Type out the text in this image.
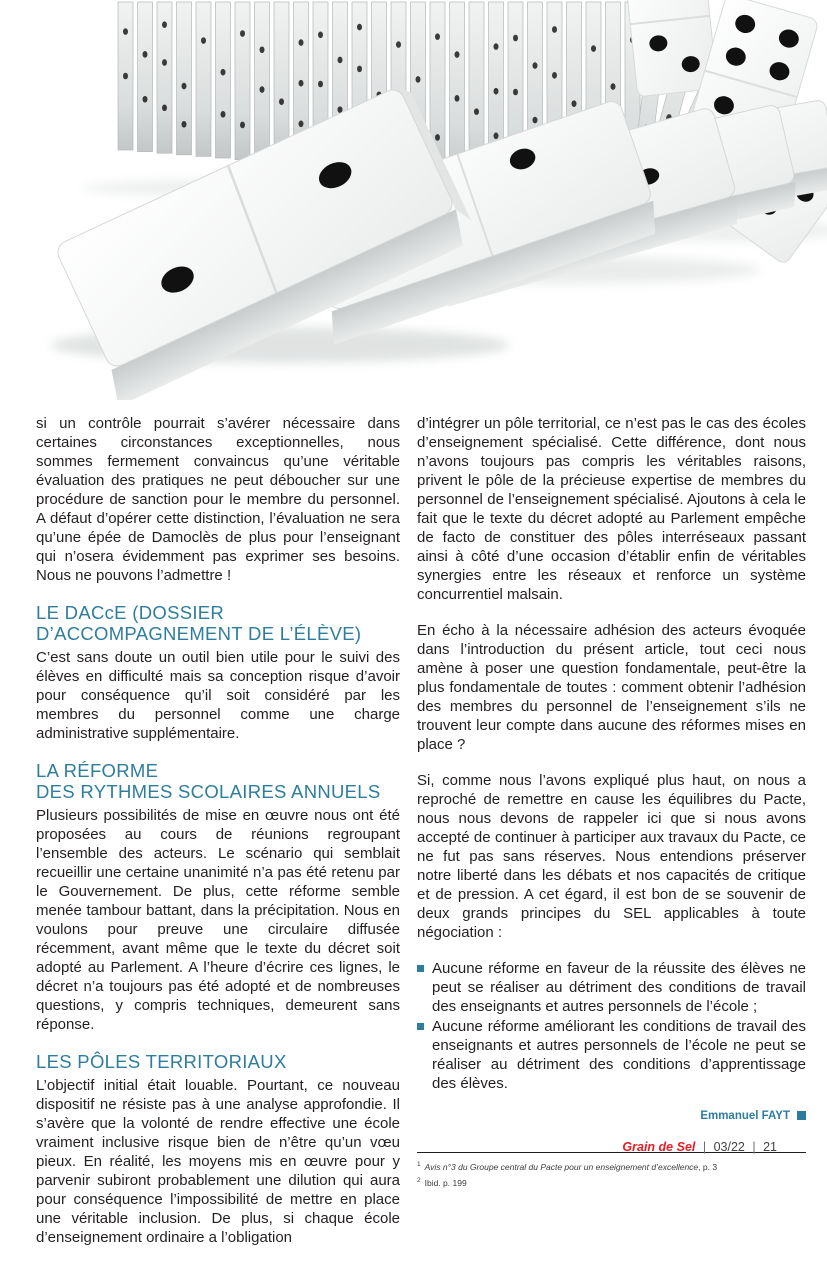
si un contrôle pourrait s’avérer nécessaire dans certaines circonstances exceptionnelles, nous sommes fermement convaincus qu’une véritable évaluation des pratiques ne peut déboucher sur une procédure de sanction pour le membre du personnel. A défaut d’opérer cette distinction, l’évaluation ne sera qu’une épée de Damoclès de plus pour l’enseignant qui n’osera évidemment pas exprimer ses besoins. Nous ne pouvons l’admettre !

LE DACcE (DOSSIER D’ACCOMPAGNEMENT DE L’ÉLÈVE)

C’est sans doute un outil bien utile pour le suivi des élèves en difficulté mais sa conception risque d’avoir pour conséquence qu’il soit considéré par les membres du personnel comme une charge administrative supplémentaire.

LA RÉFORME
DES RYTHMES SCOLAIRES ANNUELS

Plusieurs possibilités de mise en œuvre nous ont été proposées au cours de réunions regroupant l’ensemble des acteurs. Le scénario qui semblait recueillir une certaine unanimité n’a pas été retenu par le Gouvernement. De plus, cette réforme semble menée tambour battant, dans la précipitation. Nous en voulons pour preuve une circulaire diffusée récemment, avant même que le texte du décret soit adopté au Parlement. A l’heure d’écrire ces lignes, le décret n’a toujours pas été adopté et de nombreuses questions, y compris techniques, demeurent sans réponse.

LES PÔLES TERRITORIAUX

L’objectif initial était louable. Pourtant, ce nouveau dispositif ne résiste pas à une analyse approfondie. Il s’avère que la volonté de rendre effective une école vraiment inclusive risque bien de n’être qu’un vœu pieux. En réalité, les moyens mis en œuvre pour y parvenir subiront probablement une dilution qui aura pour conséquence l’impossibilité de mettre en place une véritable inclusion. De plus, si chaque école d’enseignement ordinaire a l’obligation

d’intégrer un pôle territorial, ce n’est pas le cas des écoles d’enseignement spécialisé. Cette différence, dont nous n’avons toujours pas compris les véritables raisons, privent le pôle de la précieuse expertise de membres du personnel de l’enseignement spécialisé. Ajoutons à cela le fait que le texte du décret adopté au Parlement empêche de facto de constituer des pôles interréseaux passant ainsi à côté d’une occasion d’établir enfin de véritables synergies entre les réseaux et renforce un système concurrentiel malsain.

En écho à la nécessaire adhésion des acteurs évoquée dans l’introduction du présent article, tout ceci nous amène à poser une question fondamentale, peut-être la plus fondamentale de toutes : comment obtenir l’adhésion des membres du personnel de l’enseignement s’ils ne trouvent leur compte dans aucune des réformes mises en place ?

Si, comme nous l’avons expliqué plus haut, on nous a reproché de remettre en cause les équilibres du Pacte, nous nous devons de rappeler ici que si nous avons accepté de continuer à participer aux travaux du Pacte, ce ne fut pas sans réserves. Nous entendions préserver notre liberté dans les débats et nos capacités de critique et de pression. A cet égard, il est bon de se souvenir de deux grands principes du SEL applicables à toute négociation :

Aucune réforme en faveur de la réussite des élèves ne peut se réaliser au détriment des conditions de travail des enseignants et autres personnels de l’école ;
Aucune réforme améliorant les conditions de travail des enseignants et autres personnels de l’école ne peut se réaliser au détriment des conditions d’apprentissage des élèves.
Emmanuel FAYT
$^1$ Avis n°3 du Groupe central du Pacte pour un enseignement d’excellence, p. 3
$^2$ Ibid. p. 199
Grain de Sel | 03/22 | 21
